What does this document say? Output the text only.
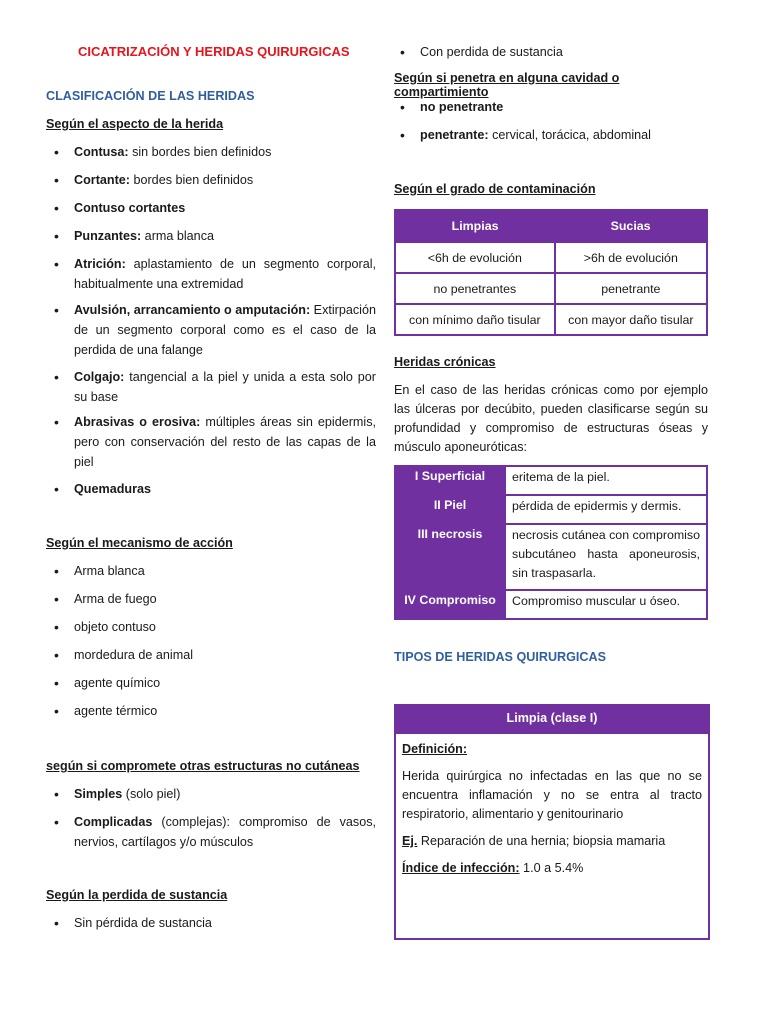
CICATRIZACIÓN Y HERIDAS QUIRURGICAS
CLASIFICACIÓN DE LAS HERIDAS
Según el aspecto de la herida
• Contusa: sin bordes bien definidos
• Cortante: bordes bien definidos
• Contuso cortantes
• Punzantes: arma blanca
• Atrición: aplastamiento de un segmento corporal, habitualmente una extremidad
• Avulsión, arrancamiento o amputación: Extirpación de un segmento corporal como es el caso de la perdida de una falange
• Colgajo: tangencial a la piel y unida a esta solo por su base
• Abrasivas o erosiva: múltiples áreas sin epidermis, pero con conservación del resto de las capas de la piel
• Quemaduras
Según el mecanismo de acción
• Arma blanca
• Arma de fuego
• objeto contuso
• mordedura de animal
• agente químico
• agente térmico
según si compromete otras estructuras no cutáneas
• Simples (solo piel)
• Complicadas (complejas): compromiso de vasos, nervios, cartílagos y/o músculos
Según la perdida de sustancia
• Sin pérdida de sustancia
• Con perdida de sustancia
Según si penetra en alguna cavidad o compartimiento
• no penetrante
• penetrante: cervical, torácica, abdominal
Según el grado de contaminación
Heridas crónicas
En el caso de las heridas crónicas como por ejemplo las úlceras por decúbito, pueden clasificarse según su profundidad y compromiso de estructuras óseas y músculo aponeuróticas:
TIPOS DE HERIDAS QUIRURGICAS
Limpias	Sucias
<6h de evolución	>6h de evolución
no penetrantes	penetrante
con mínimo daño tisular	con mayor daño tisular
I Superficial	eritema de la piel.
II Piel	pérdida de epidermis y dermis.
III necrosis	necrosis cutánea con compromiso subcutáneo hasta aponeurosis, sin traspasarla.
IV Compromiso	Compromiso muscular u óseo.
Limpia (clase I)
Definición:
Herida quirúrgica no infectadas en las que no se encuentra inflamación y no se entra al tracto respiratorio, alimentario y genitourinario
Ej. Reparación de una hernia; biopsia mamaria
Índice de infección: 1.0 a 5.4%
